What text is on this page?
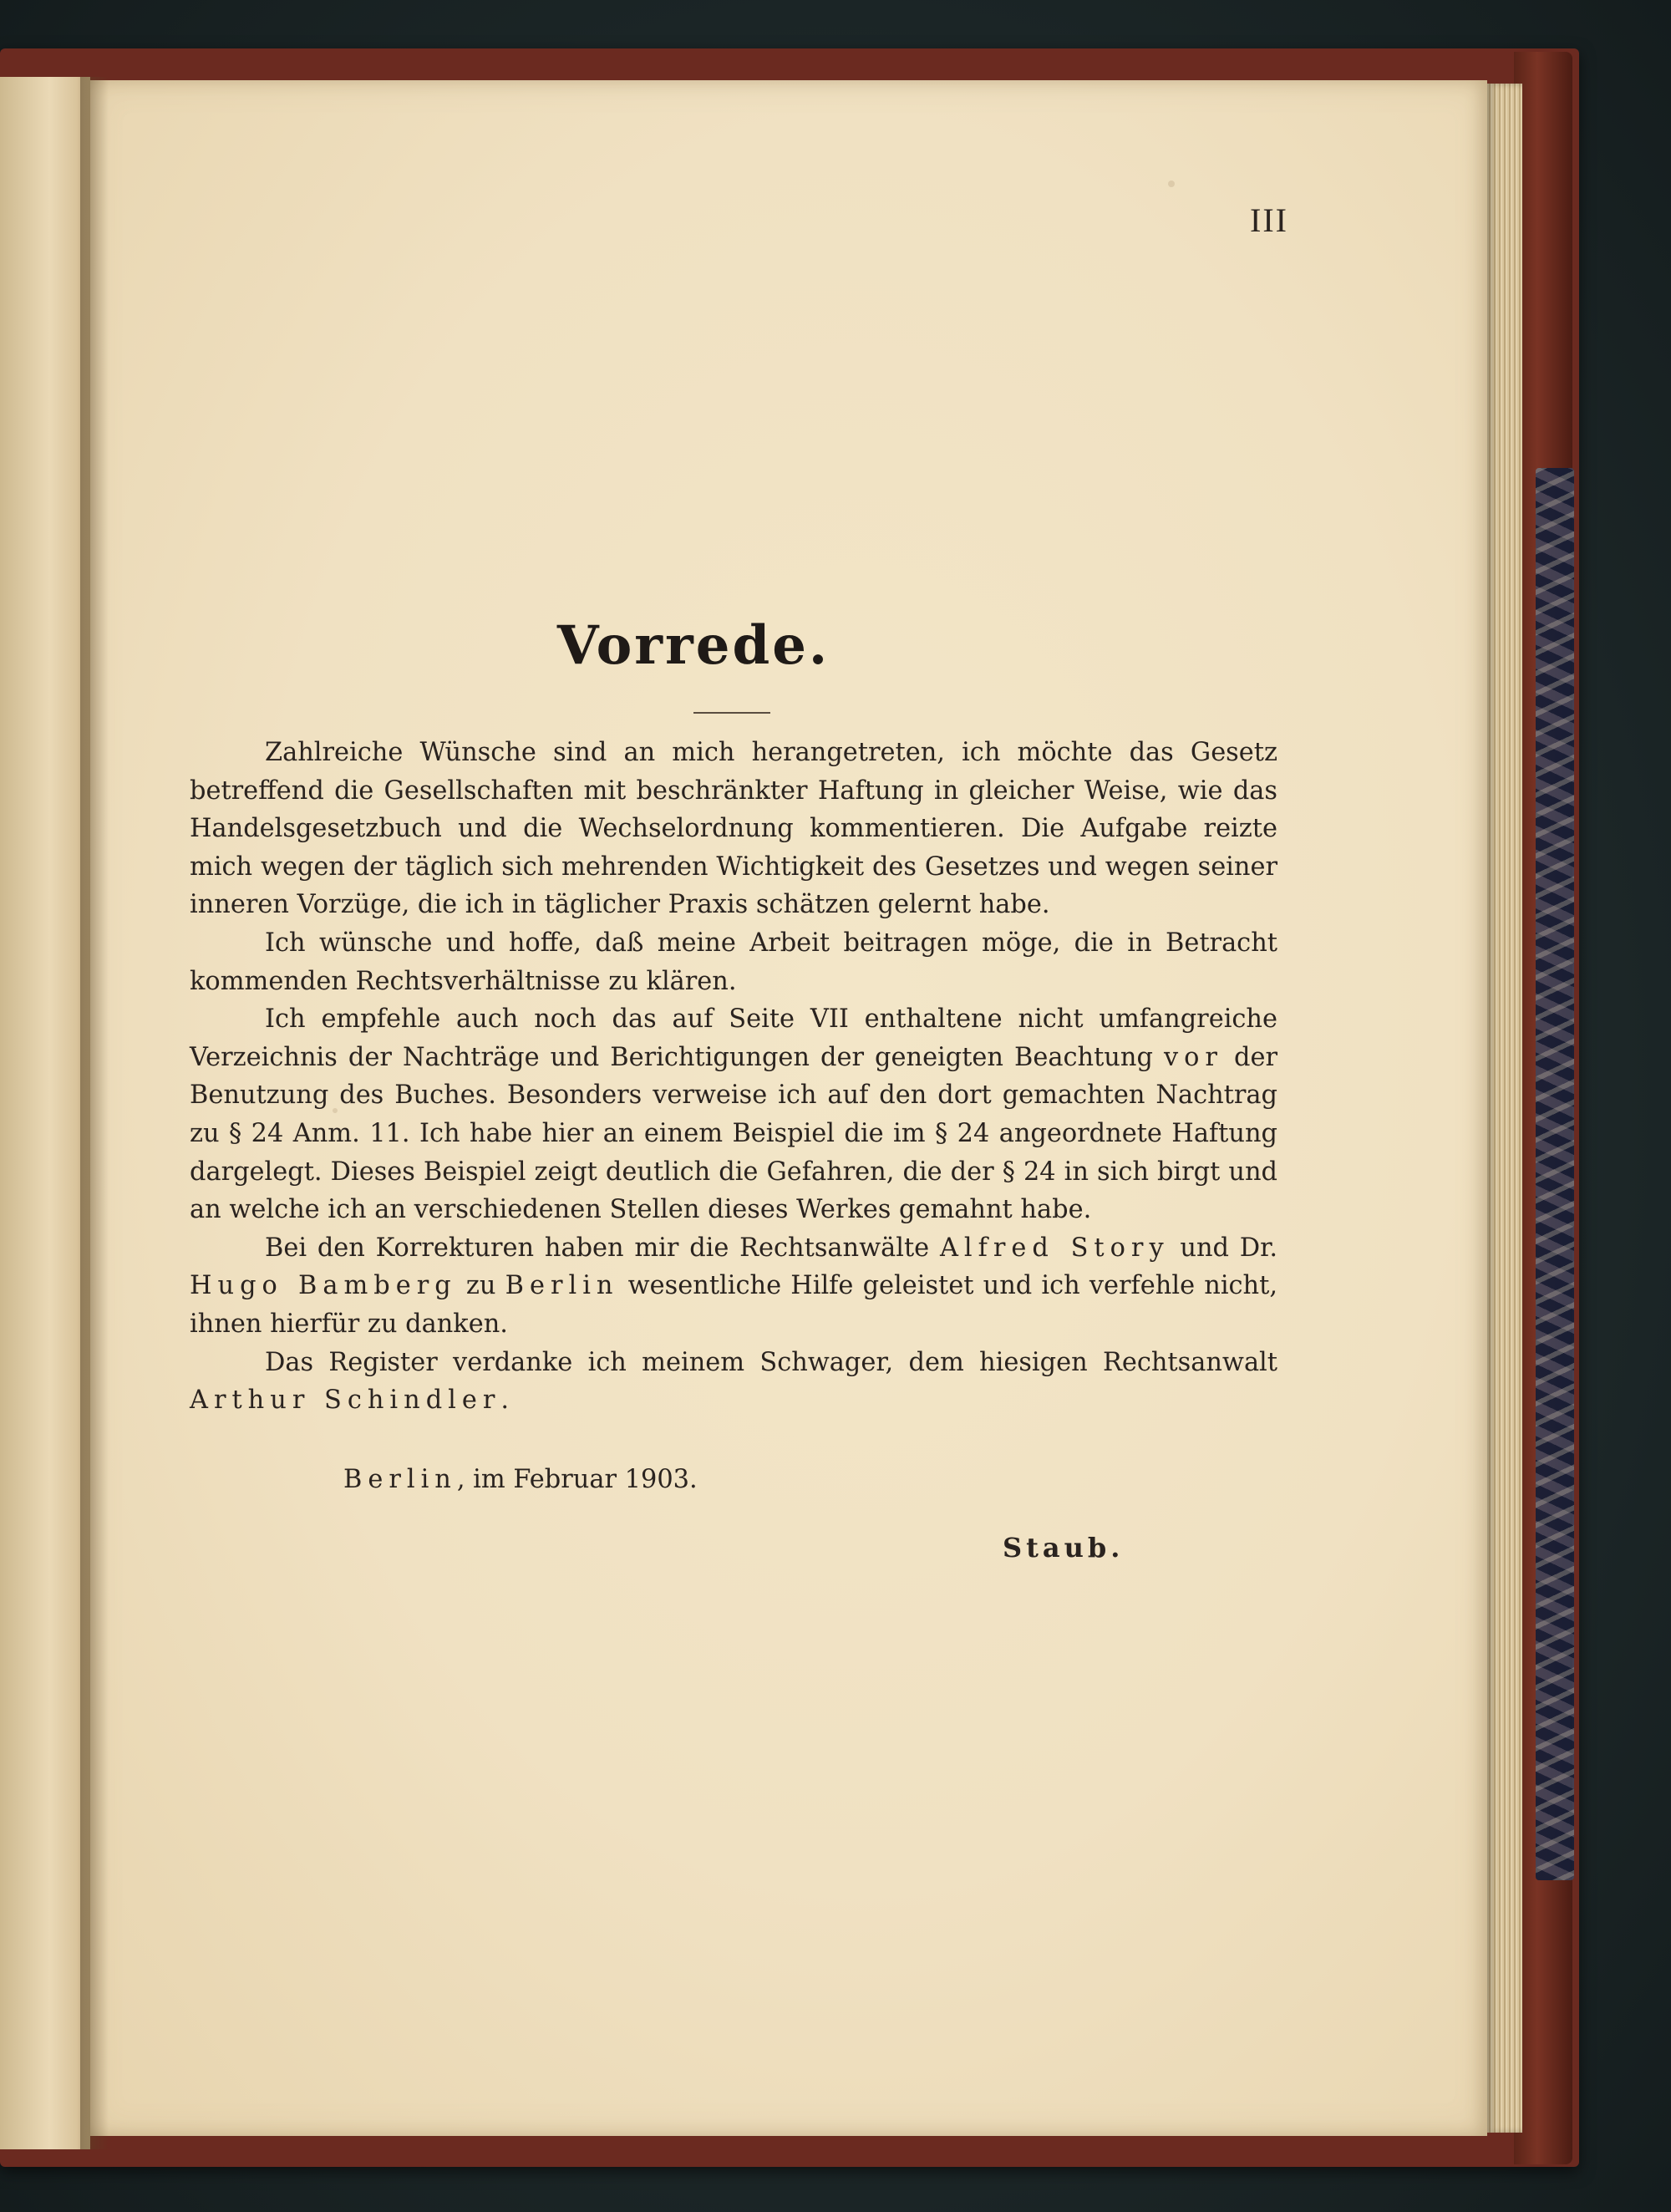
III
Vorrede.

Zahlreiche Wünsche sind an mich herangetreten, ich möchte das Gesetz betreffend die Gesellschaften mit beschränkter Haftung in gleicher Weise, wie das Handelsgesetzbuch und die Wechselordnung kommentieren. Die Aufgabe reizte mich wegen der täglich sich mehrenden Wichtigkeit des Gesetzes und wegen seiner inneren Vorzüge, die ich in täglicher Praxis schätzen gelernt habe.

Ich wünsche und hoffe, daß meine Arbeit beitragen möge, die in Betracht kommenden Rechtsverhältnisse zu klären.

Ich empfehle auch noch das auf Seite VII enthaltene nicht umfangreiche Verzeichnis der Nachträge und Berichtigungen der geneigten Beachtung vor der Benutzung des Buches. Besonders verweise ich auf den dort gemachten Nachtrag zu § 24 Anm. 11. Ich habe hier an einem Beispiel die im § 24 angeordnete Haftung dargelegt. Dieses Beispiel zeigt deutlich die Gefahren, die der § 24 in sich birgt und an welche ich an verschiedenen Stellen dieses Werkes gemahnt habe.

Bei den Korrekturen haben mir die Rechtsanwälte Alfred Story und Dr. Hugo Bamberg zu Berlin wesentliche Hilfe geleistet und ich verfehle nicht, ihnen hierfür zu danken.

Das Register verdanke ich meinem Schwager, dem hiesigen Rechtsanwalt Arthur Schindler.

Berlin, im Februar 1903.
Staub.
